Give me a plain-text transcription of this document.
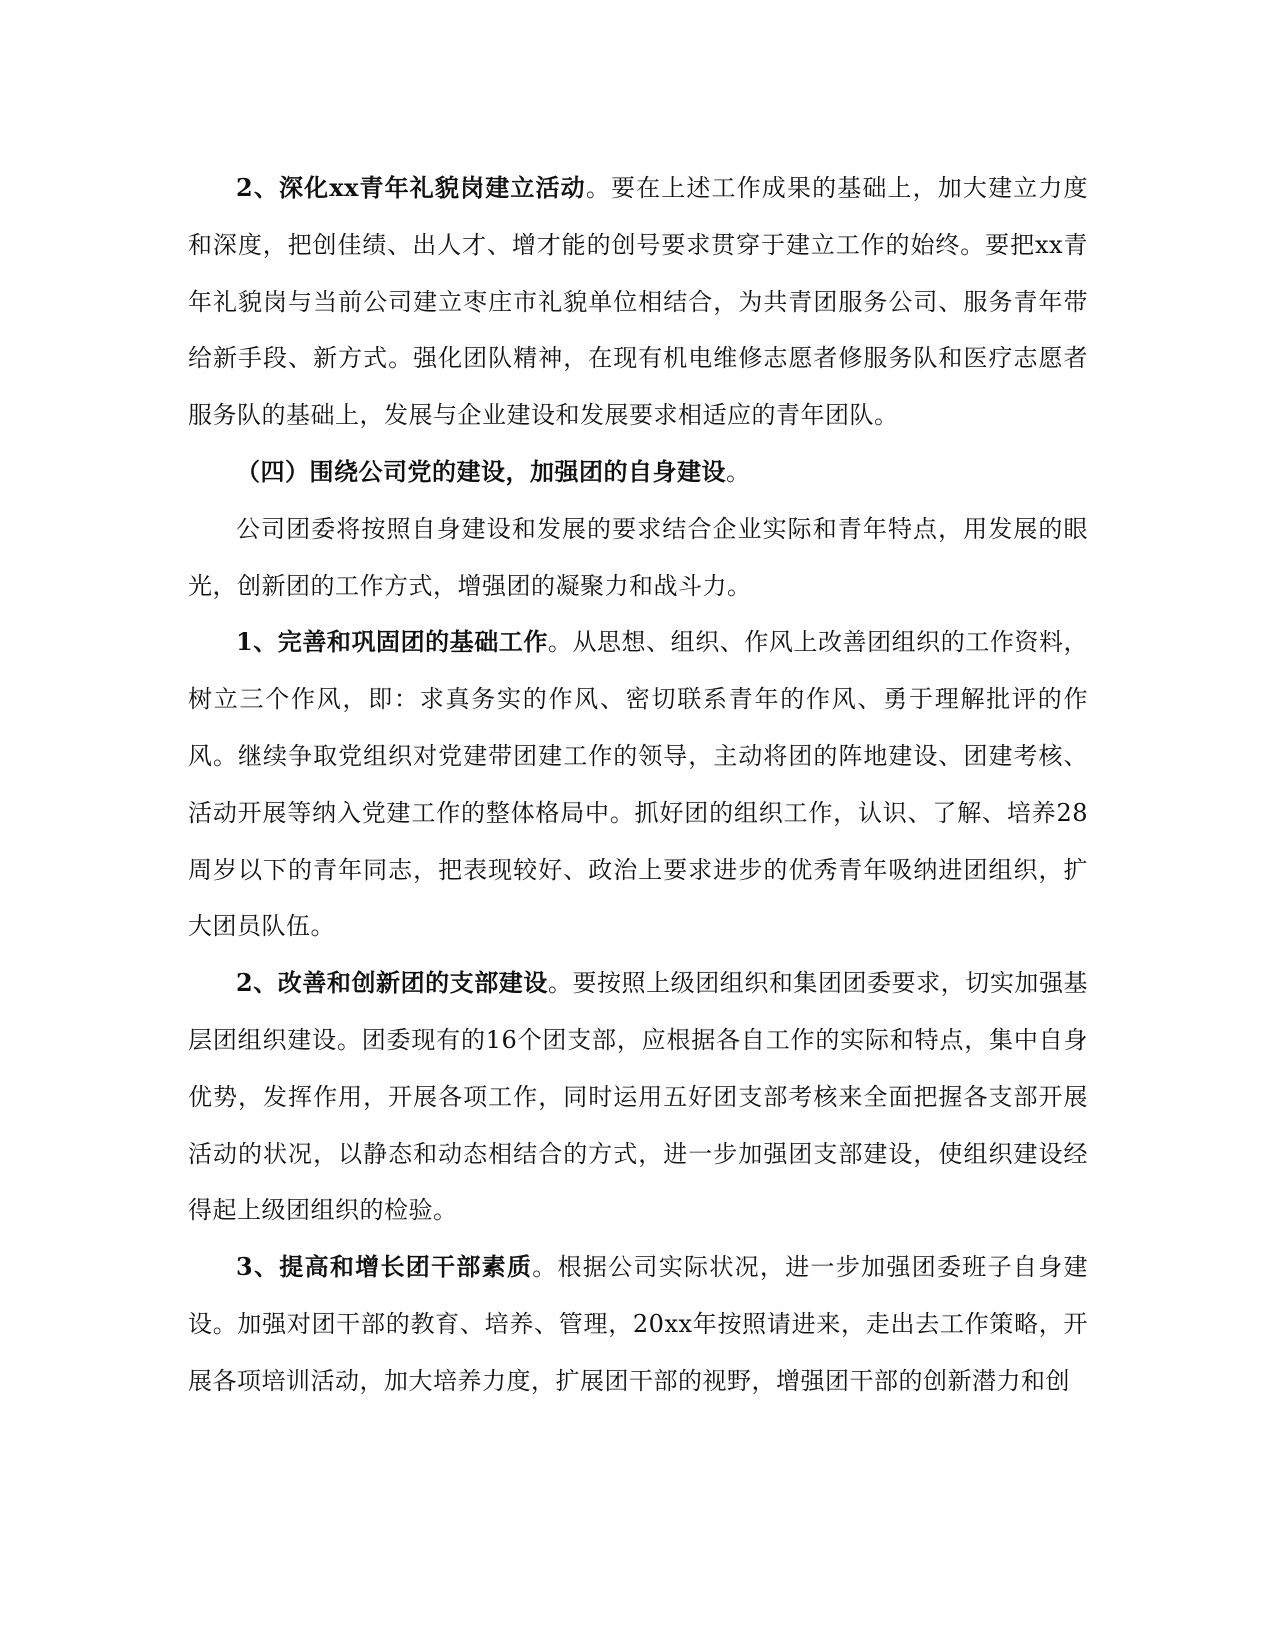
2、深化xx青年礼貌岗建立活动。要在上述工作成果的基础上，加大建立力度和深度，把创佳绩、出人才、增才能的创号要求贯穿于建立工作的始终。要把xx青年礼貌岗与当前公司建立枣庄市礼貌单位相结合，为共青团服务公司、服务青年带给新手段、新方式。强化团队精神，在现有机电维修志愿者修服务队和医疗志愿者服务队的基础上，发展与企业建设和发展要求相适应的青年团队。

（四）围绕公司党的建设，加强团的自身建设。

公司团委将按照自身建设和发展的要求结合企业实际和青年特点，用发展的眼光，创新团的工作方式，增强团的凝聚力和战斗力。

1、完善和巩固团的基础工作。从思想、组织、作风上改善团组织的工作资料，树立三个作风，即：求真务实的作风、密切联系青年的作风、勇于理解批评的作风。继续争取党组织对党建带团建工作的领导，主动将团的阵地建设、团建考核、活动开展等纳入党建工作的整体格局中。抓好团的组织工作，认识、了解、培养28周岁以下的青年同志，把表现较好、政治上要求进步的优秀青年吸纳进团组织，扩大团员队伍。

2、改善和创新团的支部建设。要按照上级团组织和集团团委要求，切实加强基层团组织建设。团委现有的16个团支部，应根据各自工作的实际和特点，集中自身优势，发挥作用，开展各项工作，同时运用五好团支部考核来全面把握各支部开展活动的状况，以静态和动态相结合的方式，进一步加强团支部建设，使组织建设经得起上级团组织的检验。

3、提高和增长团干部素质。根据公司实际状况，进一步加强团委班子自身建设。加强对团干部的教育、培养、管理，20xx年按照请进来，走出去工作策略，开展各项培训活动，加大培养力度，扩展团干部的视野，增强团干部的创新潜力和创
